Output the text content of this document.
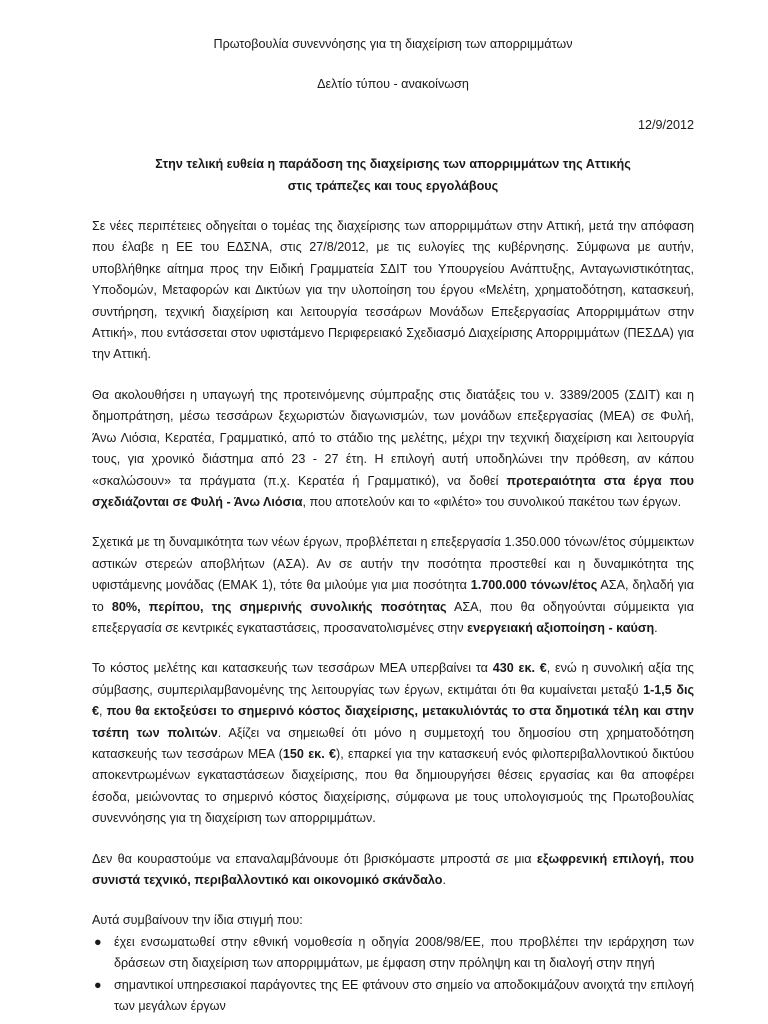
Πρωτοβουλία συνεννόησης για τη διαχείριση των απορριμμάτων

Δελτίο τύπου - ανακοίνωση

12/9/2012

Στην τελική ευθεία η παράδοση της διαχείρισης των απορριμμάτων της Αττικής
στις τράπεζες και τους εργολάβους

Σε νέες περιπέτειες οδηγείται ο τομέας της διαχείρισης των απορριμμάτων στην Αττική, μετά την απόφαση που έλαβε η ΕΕ του ΕΔΣΝΑ, στις 27/8/2012, με τις ευλογίες της κυβέρνησης. Σύμφωνα με αυτήν, υποβλήθηκε αίτημα προς την Ειδική Γραμματεία ΣΔΙΤ του Υπουργείου Ανάπτυξης, Ανταγωνιστικότητας, Υποδομών, Μεταφορών και Δικτύων για την υλοποίηση του έργου «Μελέτη, χρηματοδότηση, κατασκευή, συντήρηση, τεχνική διαχείριση και λειτουργία τεσσάρων Μονάδων Επεξεργασίας Απορριμμάτων στην Αττική», που εντάσσεται στον υφιστάμενο Περιφερειακό Σχεδιασμό Διαχείρισης Απορριμμάτων (ΠΕΣΔΑ) για την Αττική.

Θα ακολουθήσει η υπαγωγή της προτεινόμενης σύμπραξης στις διατάξεις του ν. 3389/2005 (ΣΔΙΤ) και η δημοπράτηση, μέσω τεσσάρων ξεχωριστών διαγωνισμών, των μονάδων επεξεργασίας (ΜΕΑ) σε Φυλή, Άνω Λιόσια, Κερατέα, Γραμματικό, από το στάδιο της μελέτης, μέχρι την τεχνική διαχείριση και λειτουργία τους, για χρονικό διάστημα από 23 - 27 έτη. Η επιλογή αυτή υποδηλώνει την πρόθεση, αν κάπου «σκαλώσουν» τα πράγματα (π.χ. Κερατέα ή Γραμματικό), να δοθεί προτεραιότητα στα έργα που σχεδιάζονται σε Φυλή - Άνω Λιόσια, που αποτελούν και το «φιλέτο» του συνολικού πακέτου των έργων.

Σχετικά με τη δυναμικότητα των νέων έργων, προβλέπεται η επεξεργασία 1.350.000 τόνων/έτος σύμμεικτων αστικών στερεών αποβλήτων (ΑΣΑ). Αν σε αυτήν την ποσότητα προστεθεί και η δυναμικότητα της υφιστάμενης μονάδας (ΕΜΑΚ 1), τότε θα μιλούμε για μια ποσότητα 1.700.000 τόνων/έτος ΑΣΑ, δηλαδή για το 80%, περίπου, της σημερινής συνολικής ποσότητας ΑΣΑ, που θα οδηγούνται σύμμεικτα για επεξεργασία σε κεντρικές εγκαταστάσεις, προσανατολισμένες στην ενεργειακή αξιοποίηση - καύση.

Το κόστος μελέτης και κατασκευής των τεσσάρων ΜΕΑ υπερβαίνει τα 430 εκ. €, ενώ η συνολική αξία της σύμβασης, συμπεριλαμβανομένης της λειτουργίας των έργων, εκτιμάται ότι θα κυμαίνεται μεταξύ 1-1,5 δις €, που θα εκτοξεύσει το σημερινό κόστος διαχείρισης, μετακυλιόντάς το στα δημοτικά τέλη και στην τσέπη των πολιτών. Αξίζει να σημειωθεί ότι μόνο η συμμετοχή του δημοσίου στη χρηματοδότηση κατασκευής των τεσσάρων ΜΕΑ (150 εκ. €), επαρκεί για την κατασκευή ενός φιλοπεριβαλλοντικού δικτύου αποκεντρωμένων εγκαταστάσεων διαχείρισης, που θα δημιουργήσει θέσεις εργασίας και θα αποφέρει έσοδα, μειώνοντας το σημερινό κόστος διαχείρισης, σύμφωνα με τους υπολογισμούς της Πρωτοβουλίας συνεννόησης για τη διαχείριση των απορριμμάτων.

Δεν θα κουραστούμε να επαναλαμβάνουμε ότι βρισκόμαστε μπροστά σε μια εξωφρενική επιλογή, που συνιστά τεχνικό, περιβαλλοντικό και οικονομικό σκάνδαλο.

Αυτά συμβαίνουν την ίδια στιγμή που:

● έχει ενσωματωθεί στην εθνική νομοθεσία η οδηγία 2008/98/ΕΕ, που προβλέπει την ιεράρχηση των δράσεων στη διαχείριση των απορριμμάτων, με έμφαση στην πρόληψη και τη διαλογή στην πηγή
● σημαντικοί υπηρεσιακοί παράγοντες της ΕΕ φτάνουν στο σημείο να αποδοκιμάζουν ανοιχτά την επιλογή των μεγάλων έργων
